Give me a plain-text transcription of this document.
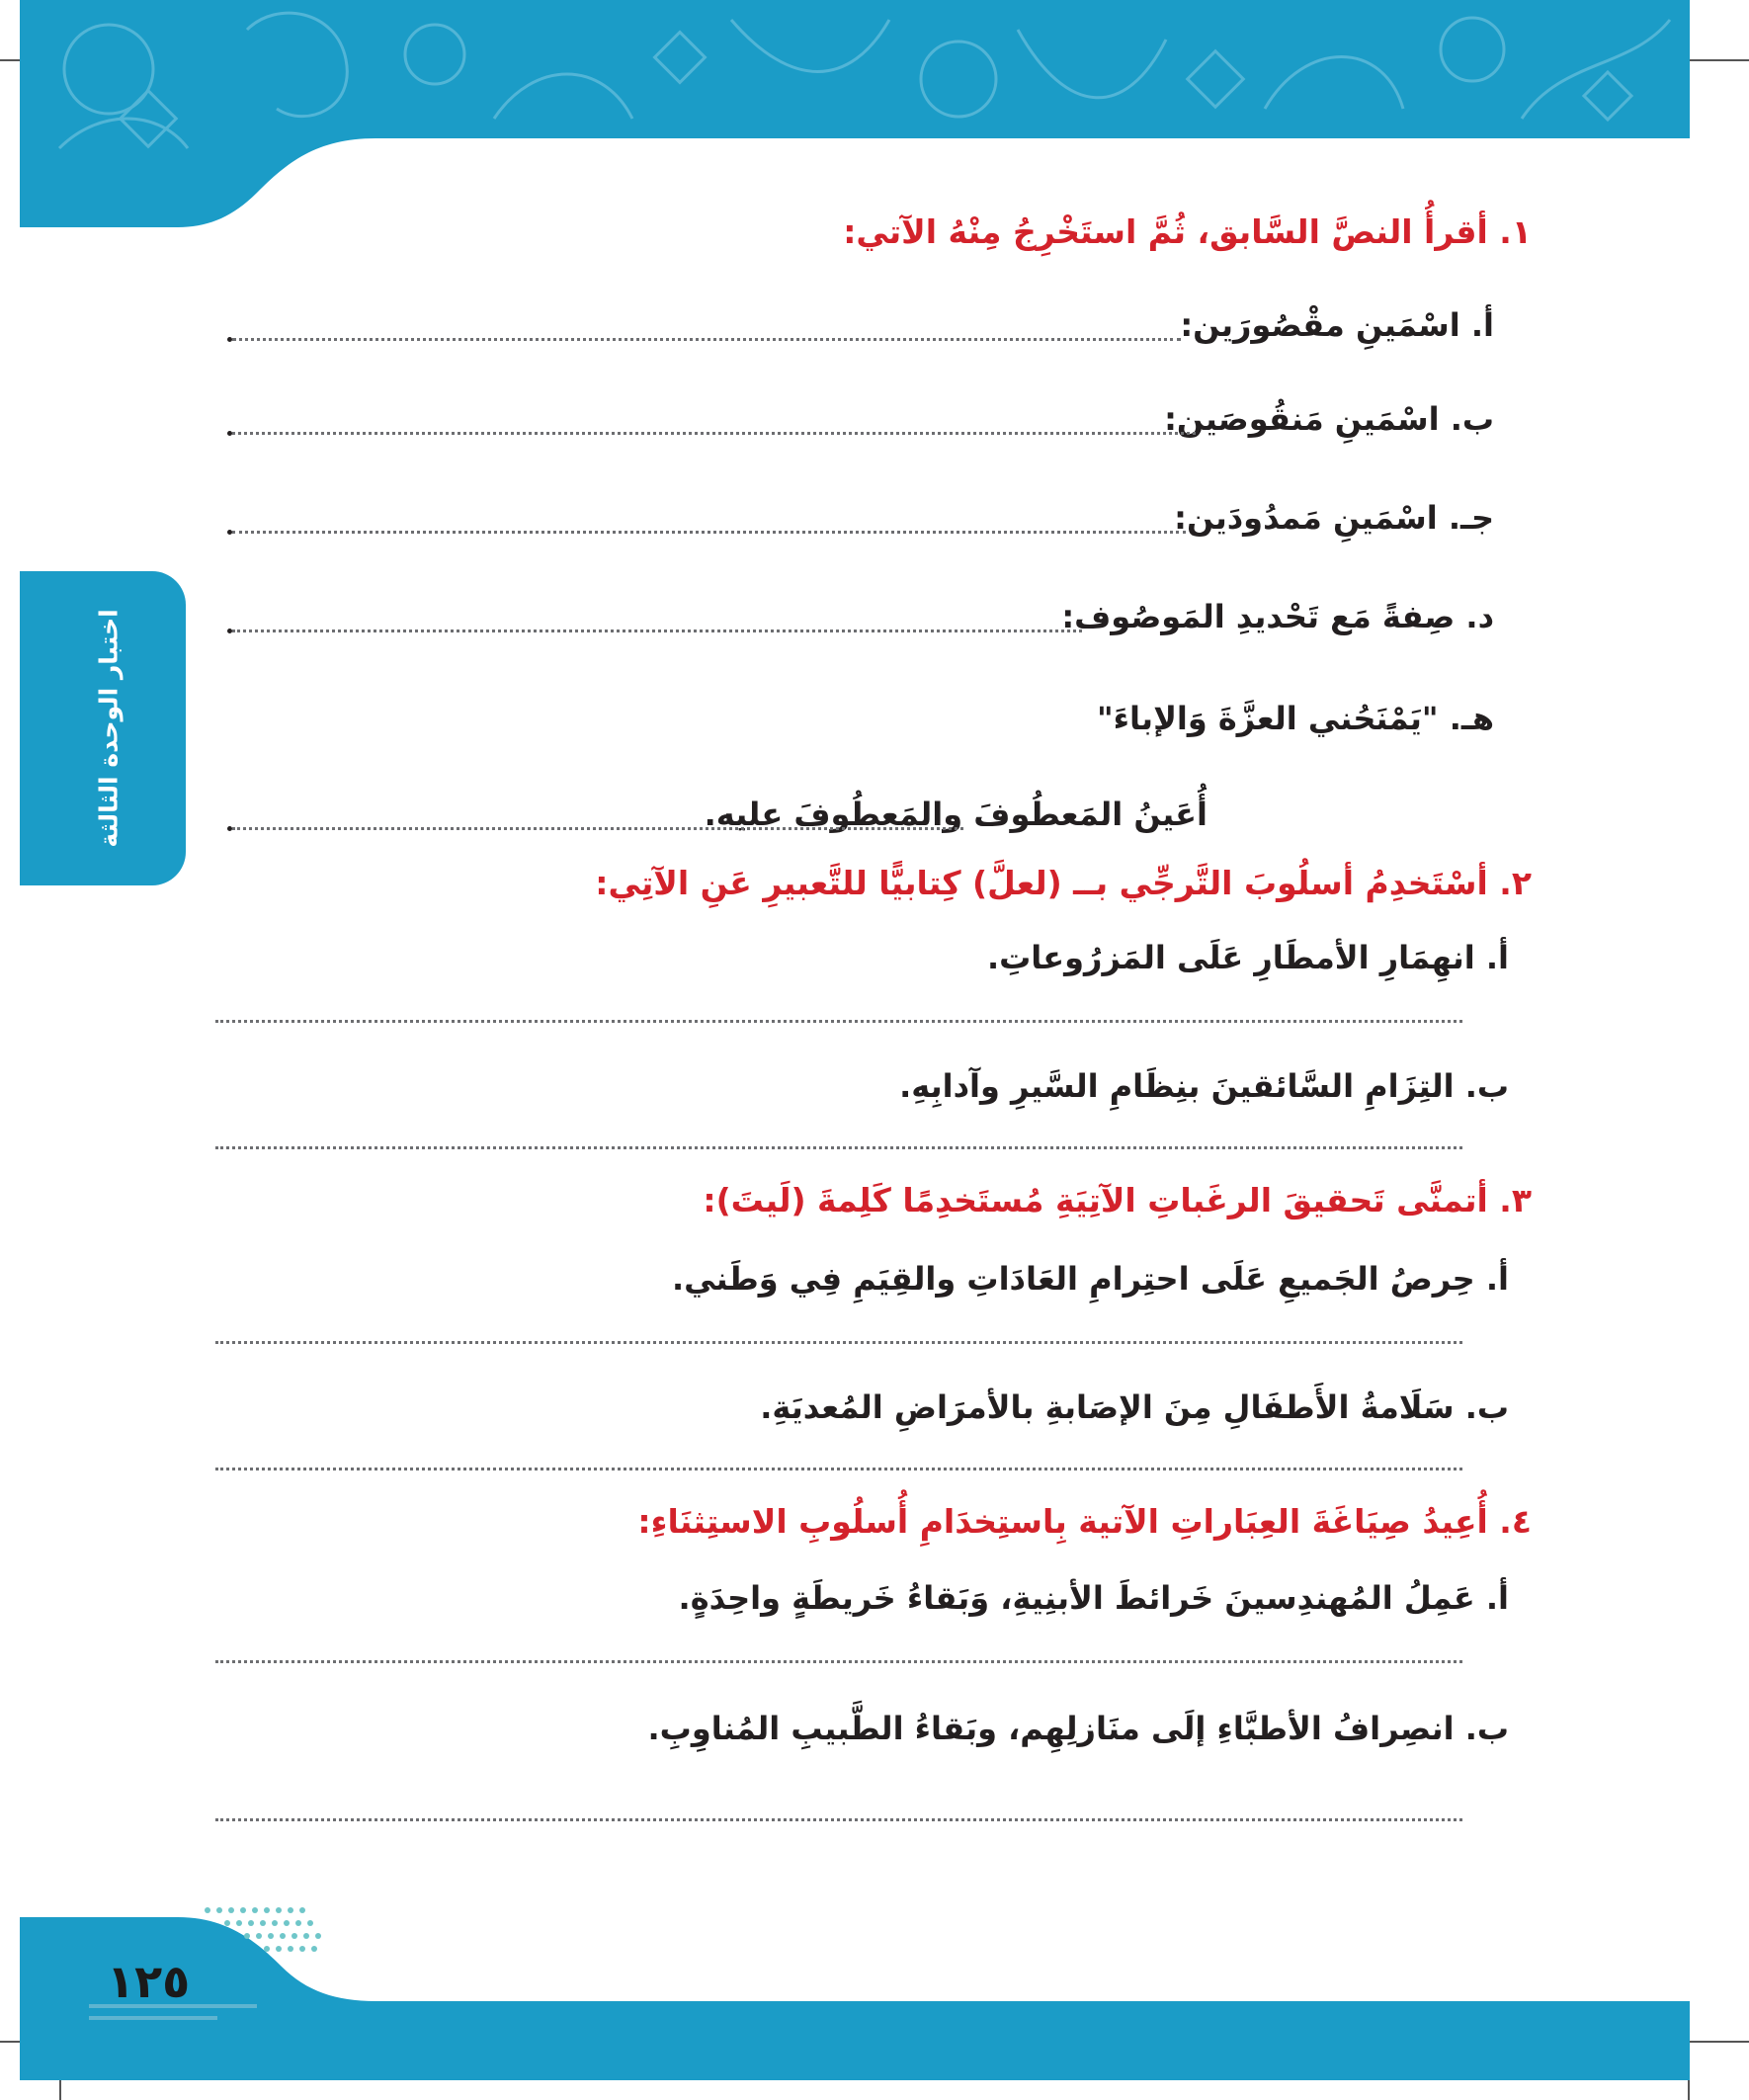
اختبار الوحدة الثالثة
١. أقرأُ النصَّ السَّابق، ثُمَّ استَخْرِجُ مِنْهُ الآتي:
أ. اسْمَينِ مقْصُورَين:
ب. اسْمَينِ مَنقُوصَين:
جـ. اسْمَينِ مَمدُودَين:
د. صِفةً مَع تَحْديدِ المَوصُوف:
هـ. "يَمْنَحُني العزَّةَ وَالإباءَ"
أُعَينُ المَعطُوفَ والمَعطُوفَ عليه.
٢. أسْتَخدِمُ أسلُوبَ التَّرجِّي بــ (لعلَّ) كِتابيًّا للتَّعبيرِ عَنِ الآتِي:
أ. انهِمَارِ الأمطَارِ عَلَى المَزرُوعاتِ.
ب. التِزَامِ السَّائقينَ بنِظَامِ السَّيرِ وآدابِهِ.
٣. أتمنَّى تَحقيقَ الرغَباتِ الآتِيَةِ مُستَخدِمًا كَلِمةَ (لَيتَ):
أ. حِرصُ الجَميعِ عَلَى احتِرامِ العَادَاتِ والقِيَمِ فِي وَطَني.
ب. سَلَامةُ الأَطفَالِ مِنَ الإصَابةِ بالأمرَاضِ المُعديَةِ.
٤. أُعِيدُ صِيَاغَةَ العِبَاراتِ الآتية بِاستِخدَامِ أُسلُوبِ الاستِثنَاءِ:
أ. عَمِلُ المُهندِسينَ خَرائطَ الأبنِيةِ، وَبَقاءُ خَريطَةٍ واحِدَةٍ.
ب. انصِرافُ الأطبَّاءِ إلَى منَازلِهِم، وبَقاءُ الطَّبيبِ المُناوِبِ.
١٢٥
